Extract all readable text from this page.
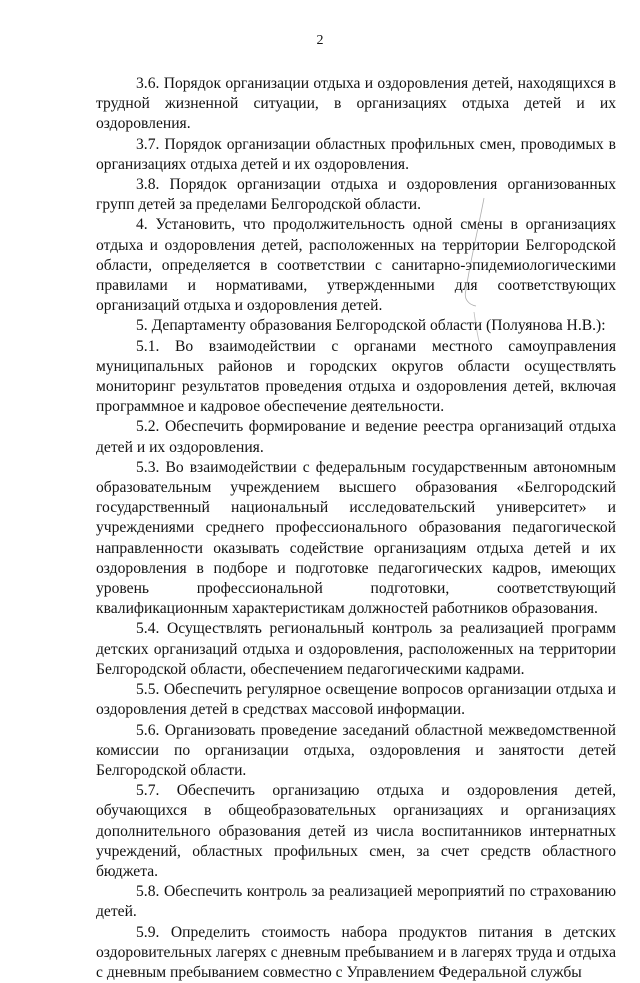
2

3.6. Порядок организации отдыха и оздоровления детей, находящихся в трудной жизненной ситуации, в организациях отдыха детей и их оздоровления.

3.7. Порядок организации областных профильных смен, проводимых в организациях отдыха детей и их оздоровления.

3.8. Порядок организации отдыха и оздоровления организованных групп детей за пределами Белгородской области.

4. Установить, что продолжительность одной смены в организациях отдыха и оздоровления детей, расположенных на территории Белгородской области, определяется в соответствии с санитарно-эпидемиологическими правилами и нормативами, утвержденными для соответствующих организаций отдыха и оздоровления детей.

5. Департаменту образования Белгородской области (Полуянова Н.В.):

5.1. Во взаимодействии с органами местного самоуправления муниципальных районов и городских округов области осуществлять мониторинг результатов проведения отдыха и оздоровления детей, включая программное и кадровое обеспечение деятельности.

5.2. Обеспечить формирование и ведение реестра организаций отдыха детей и их оздоровления.

5.3. Во взаимодействии с федеральным государственным автономным образовательным учреждением высшего образования «Белгородский государственный национальный исследовательский университет» и учреждениями среднего профессионального образования педагогической направленности оказывать содействие организациям отдыха детей и их оздоровления в подборе и подготовке педагогических кадров, имеющих уровень профессиональной подготовки, соответствующий квалификационным характеристикам должностей работников образования.

5.4. Осуществлять региональный контроль за реализацией программ детских организаций отдыха и оздоровления, расположенных на территории Белгородской области, обеспечением педагогическими кадрами.

5.5. Обеспечить регулярное освещение вопросов организации отдыха и оздоровления детей в средствах массовой информации.

5.6. Организовать проведение заседаний областной межведомственной комиссии по организации отдыха, оздоровления и занятости детей Белгородской области.

5.7. Обеспечить организацию отдыха и оздоровления детей, обучающихся в общеобразовательных организациях и организациях дополнительного образования детей из числа воспитанников интернатных учреждений, областных профильных смен, за счет средств областного бюджета.

5.8. Обеспечить контроль за реализацией мероприятий по страхованию детей.

5.9. Определить стоимость набора продуктов питания в детских оздоровительных лагерях с дневным пребыванием и в лагерях труда и отдыха с дневным пребыванием совместно с Управлением Федеральной службы
